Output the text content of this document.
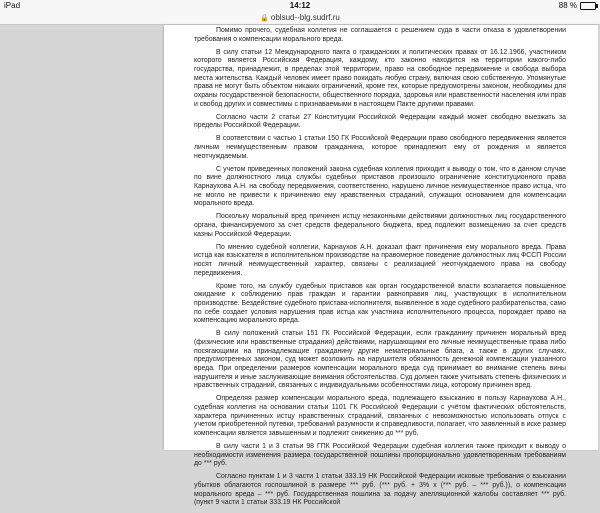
iPad	14:12	88 %
🔒 oblsud--blg.sudrf.ru

Помимо прочего, судебная коллегия не соглашается с решением суда в части отказа в удовлетворении требования о компенсации морального вреда.

В силу статьи 12 Международного пакта о гражданских и политических правах от 16.12.1966, участником которого является Российская Федерация, каждому, кто законно находится на территории какого-либо государства, принадлежит, в пределах этой территории, право на свободное передвижение и свобода выбора места жительства. Каждый человек имеет право покидать любую страну, включая свою собственную. Упомянутые права не могут быть объектом никаких ограничений, кроме тех, которые предусмотрены законом, необходимы для охраны государственной безопасности, общественного порядка, здоровья или нравственности населения или прав и свобод других и совместимы с признаваемыми в настоящем Пакте другими правами.

Согласно части 2 статьи 27 Конституции Российской Федерации каждый может свободно выезжать за пределы Российской Федерации.

В соответствии с частью 1 статьи 150 ГК Российской Федерации право свободного передвижения является личным неимущественным правом гражданина, которое принадлежит ему от рождения и является неотчуждаемым.

С учетом приведенных положений закона судебная коллегия приходит к выводу о том, что в данном случае по вине должностного лица службы судебных приставов произошло ограничение конституционного права Карнаухова А.Н. на свободу передвижения, соответственно, нарушено личное неимущественное право истца, что не могло не привести к причинению ему нравственных страданий, служащих основанием для компенсации морального вреда.

Поскольку моральный вред причинен истцу незаконными действиями должностных лиц государственного органа, финансируемого за счет средств федерального бюджета, вред подлежит возмещению за счет средств казны Российской Федерации.

По мнению судебной коллегии, Карнаухов А.Н. доказал факт причинения ему морального вреда. Права истца как взыскателя в исполнительном производстве на правомерное поведение должностных лиц ФССП России носят личный неимущественный характер, связаны с реализацией неотчуждаемого права на свободу передвижения.

Кроме того, на службу судебных приставов как орган государственной власти возлагается повышенное ожидание к соблюдению прав граждан и гарантии равноправия лиц, участвующих в исполнительном производстве. Бездействие судебного пристава-исполнителя, выявленное в ходе судебного разбирательства, само по себе создает условия нарушения прав истца как участника исполнительного процесса, порождает право на компенсацию морального вреда.

В силу положений статьи 151 ГК Российской Федерации, если гражданину причинен моральный вред (физические или нравственные страдания) действиями, нарушающими его личные неимущественные права либо посягающими на принадлежащие гражданину другие нематериальные блага, а также в других случаях, предусмотренных законом, суд может возложить на нарушителя обязанность денежной компенсации указанного вреда. При определении размеров компенсации морального вреда суд принимает во внимание степень вины нарушителя и иные заслуживающие внимания обстоятельства. Суд должен также учитывать степень физических и нравственных страданий, связанных с индивидуальными особенностями лица, которому причинен вред.

Определяя размер компенсации морального вреда, подлежащего взысканию в пользу Карнаухова А.Н., судебная коллегия на основании статьи 1101 ГК Российской Федерации с учётом фактических обстоятельств, характера причиненных истцу нравственных страданий, связанных с невозможностью использовать отпуск с учетом приобретенной путевки, требований разумности и справедливости, полагает, что заявленный в иске размер компенсации является завышенным и подлежит снижению до *** руб.

В силу части 1 и 3 статьи 98 ГПК Российской Федерации судебная коллегия также приходит к выводу о необходимости изменения размера государственной пошлины пропорционально удовлетворенным требованиям до *** руб.

Согласно пунктам 1 и 3 части 1 статьи 333.19 НК Российской Федерации исковые требования о взыскании убытков облагаются госпошлиной в размере *** руб. (*** руб. + 3% х (*** руб. – *** руб.)), о компенсации морального вреда – *** руб. Государственная пошлина за подачу апелляционной жалобы составляет *** руб. (пункт 9 части 1 статьи 333.19 НК Российской
